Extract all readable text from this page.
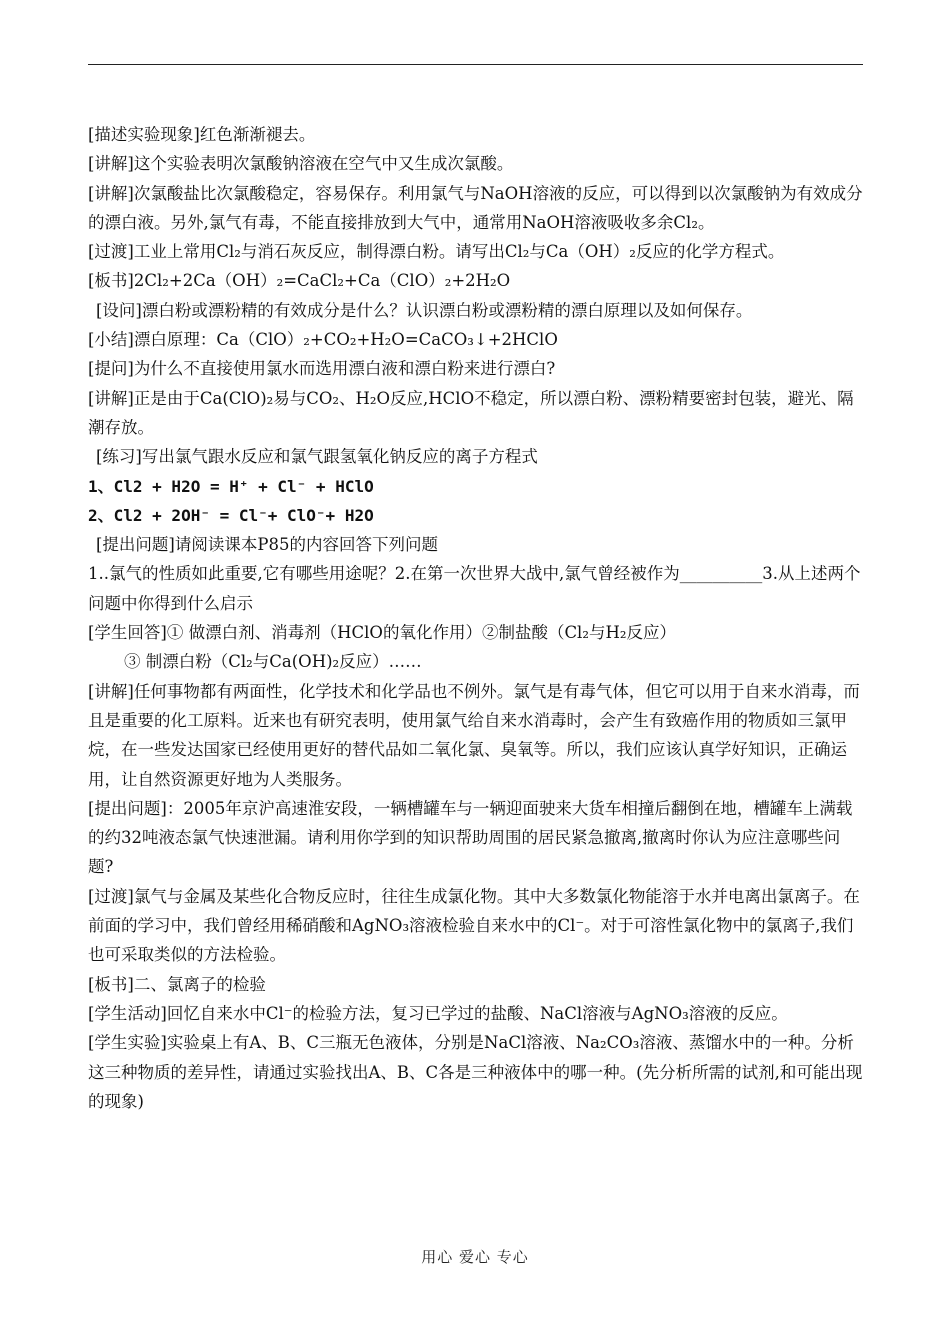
[描述实验现象]红色渐渐褪去。

[讲解]这个实验表明次氯酸钠溶液在空气中又生成次氯酸。

[讲解]次氯酸盐比次氯酸稳定，容易保存。利用氯气与NaOH溶液的反应，可以得到以次氯酸钠为有效成分的漂白液。另外,氯气有毒，不能直接排放到大气中，通常用NaOH溶液吸收多余Cl₂。

[过渡]工业上常用Cl₂与消石灰反应，制得漂白粉。请写出Cl₂与Ca（OH）₂反应的化学方程式。

[板书]2Cl₂+2Ca（OH）₂=CaCl₂+Ca（ClO）₂+2H₂O

[设问]漂白粉或漂粉精的有效成分是什么？认识漂白粉或漂粉精的漂白原理以及如何保存。

[小结]漂白原理：Ca（ClO）₂+CO₂+H₂O=CaCO₃↓+2HClO

[提问]为什么不直接使用氯水而选用漂白液和漂白粉来进行漂白?

[讲解]正是由于Ca(ClO)₂易与CO₂、H₂O反应,HClO不稳定，所以漂白粉、漂粉精要密封包装，避光、隔潮存放。

[练习]写出氯气跟水反应和氯气跟氢氧化钠反应的离子方程式

1、Cl2 + H2O = H⁺ + Cl⁻ + HClO

2、Cl2 + 2OH⁻ = Cl⁻+ ClO⁻+ H2O

[提出问题]请阅读课本P85的内容回答下列问题

1..氯气的性质如此重要,它有哪些用途呢？2.在第一次世界大战中,氯气曾经被作为__________3.从上述两个问题中你得到什么启示

[学生回答]① 做漂白剂、消毒剂（HClO的氧化作用）②制盐酸（Cl₂与H₂反应）

③ 制漂白粉（Cl₂与Ca(OH)₂反应）……

[讲解]任何事物都有两面性，化学技术和化学品也不例外。氯气是有毒气体，但它可以用于自来水消毒，而且是重要的化工原料。近来也有研究表明，使用氯气给自来水消毒时，会产生有致癌作用的物质如三氯甲烷，在一些发达国家已经使用更好的替代品如二氧化氯、臭氧等。所以，我们应该认真学好知识，正确运用，让自然资源更好地为人类服务。

[提出问题]：2005年京沪高速淮安段，一辆槽罐车与一辆迎面驶来大货车相撞后翻倒在地，槽罐车上满载的约32吨液态氯气快速泄漏。请利用你学到的知识帮助周围的居民紧急撤离,撤离时你认为应注意哪些问题?

[过渡]氯气与金属及某些化合物反应时，往往生成氯化物。其中大多数氯化物能溶于水并电离出氯离子。在前面的学习中，我们曾经用稀硝酸和AgNO₃溶液检验自来水中的Cl⁻。对于可溶性氯化物中的氯离子,我们也可采取类似的方法检验。

[板书]二、氯离子的检验

[学生活动]回忆自来水中Cl⁻的检验方法，复习已学过的盐酸、NaCl溶液与AgNO₃溶液的反应。

[学生实验]实验桌上有A、B、C三瓶无色液体，分别是NaCl溶液、Na₂CO₃溶液、蒸馏水中的一种。分析这三种物质的差异性，请通过实验找出A、B、C各是三种液体中的哪一种。(先分析所需的试剂,和可能出现的现象)

用心 爱心 专心
